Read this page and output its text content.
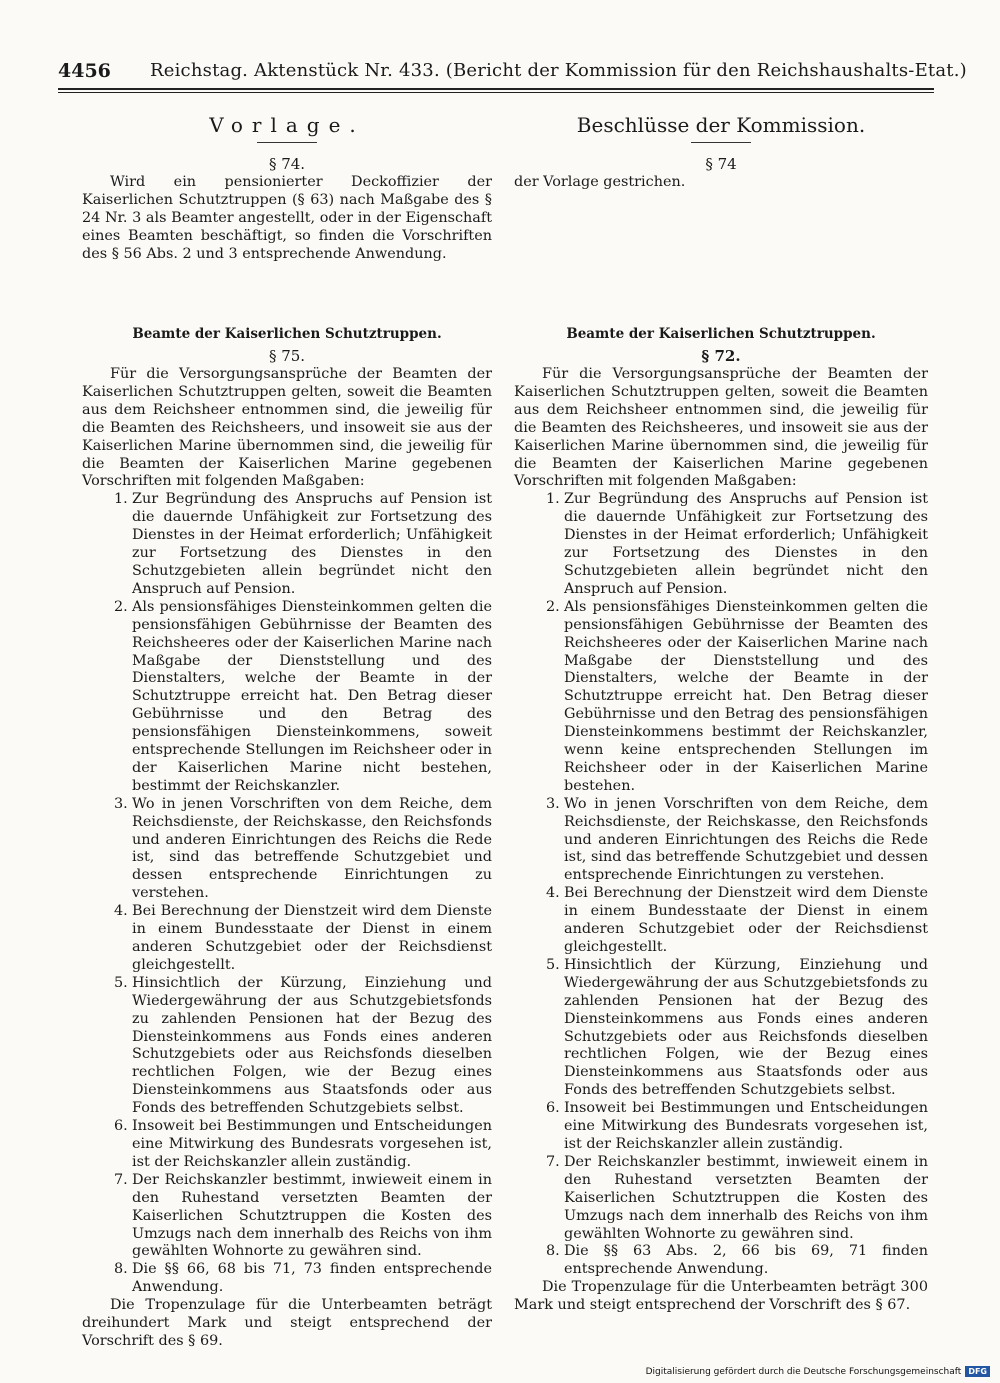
4456 Reichstag. Aktenstück Nr. 433. (Bericht der Kommission für den Reichshaushalts-Etat.)
Vorlage.

§ 74.

Wird ein pensionierter Deckoffizier der Kaiserlichen Schutztruppen (§ 63) nach Maßgabe des § 24 Nr. 3 als Beamter angestellt, oder in der Eigenschaft eines Beamten beschäftigt, so finden die Vorschriften des § 56 Abs. 2 und 3 entsprechende Anwendung.

Beamte der Kaiserlichen Schutztruppen.

§ 75.

Für die Versorgungsansprüche der Beamten der Kaiserlichen Schutztruppen gelten, soweit die Beamten aus dem Reichsheer entnommen sind, die jeweilig für die Beamten des Reichsheers, und insoweit sie aus der Kaiserlichen Marine übernommen sind, die jeweilig für die Beamten der Kaiserlichen Marine gegebenen Vorschriften mit folgenden Maßgaben:

1. Zur Begründung des Anspruchs auf Pension ist die dauernde Unfähigkeit zur Fortsetzung des Dienstes in der Heimat erforderlich; Unfähigkeit zur Fortsetzung des Dienstes in den Schutzgebieten allein begründet nicht den Anspruch auf Pension.
2. Als pensionsfähiges Diensteinkommen gelten die pensionsfähigen Gebührnisse der Beamten des Reichsheeres oder der Kaiserlichen Marine nach Maßgabe der Dienststellung und des Dienstalters, welche der Beamte in der Schutztruppe erreicht hat. Den Betrag dieser Gebührnisse und den Betrag des pensionsfähigen Diensteinkommens, soweit entsprechende Stellungen im Reichsheer oder in der Kaiserlichen Marine nicht bestehen, bestimmt der Reichskanzler.
3. Wo in jenen Vorschriften von dem Reiche, dem Reichsdienste, der Reichskasse, den Reichsfonds und anderen Einrichtungen des Reichs die Rede ist, sind das betreffende Schutzgebiet und dessen entsprechende Einrichtungen zu verstehen.
4. Bei Berechnung der Dienstzeit wird dem Dienste in einem Bundesstaate der Dienst in einem anderen Schutzgebiet oder der Reichsdienst gleichgestellt.
5. Hinsichtlich der Kürzung, Einziehung und Wiedergewährung der aus Schutzgebietsfonds zu zahlenden Pensionen hat der Bezug des Diensteinkommens aus Fonds eines anderen Schutzgebiets oder aus Reichsfonds dieselben rechtlichen Folgen, wie der Bezug eines Diensteinkommens aus Staatsfonds oder aus Fonds des betreffenden Schutzgebiets selbst.
6. Insoweit bei Bestimmungen und Entscheidungen eine Mitwirkung des Bundesrats vorgesehen ist, ist der Reichskanzler allein zuständig.
7. Der Reichskanzler bestimmt, inwieweit einem in den Ruhestand versetzten Beamten der Kaiserlichen Schutztruppen die Kosten des Umzugs nach dem innerhalb des Reichs von ihm gewählten Wohnorte zu gewähren sind.
8. Die §§ 66, 68 bis 71, 73 finden entsprechende Anwendung.

Die Tropenzulage für die Unterbeamten beträgt dreihundert Mark und steigt entsprechend der Vorschrift des § 69.

Beschlüsse der Kommission.

§ 74

der Vorlage gestrichen.

Beamte der Kaiserlichen Schutztruppen.

§ 72.

Für die Versorgungsansprüche der Beamten der Kaiserlichen Schutztruppen gelten, soweit die Beamten aus dem Reichsheer entnommen sind, die jeweilig für die Beamten des Reichsheeres, und insoweit sie aus der Kaiserlichen Marine übernommen sind, die jeweilig für die Beamten der Kaiserlichen Marine gegebenen Vorschriften mit folgenden Maßgaben:

1. Zur Begründung des Anspruchs auf Pension ist die dauernde Unfähigkeit zur Fortsetzung des Dienstes in der Heimat erforderlich; Unfähigkeit zur Fortsetzung des Dienstes in den Schutzgebieten allein begründet nicht den Anspruch auf Pension.
2. Als pensionsfähiges Diensteinkommen gelten die pensionsfähigen Gebührnisse der Beamten des Reichsheeres oder der Kaiserlichen Marine nach Maßgabe der Dienststellung und des Dienstalters, welche der Beamte in der Schutztruppe erreicht hat. Den Betrag dieser Gebührnisse und den Betrag des pensionsfähigen Diensteinkommens bestimmt der Reichskanzler, wenn keine entsprechenden Stellungen im Reichsheer oder in der Kaiserlichen Marine bestehen.
3. Wo in jenen Vorschriften von dem Reiche, dem Reichsdienste, der Reichskasse, den Reichsfonds und anderen Einrichtungen des Reichs die Rede ist, sind das betreffende Schutzgebiet und dessen entsprechende Einrichtungen zu verstehen.
4. Bei Berechnung der Dienstzeit wird dem Dienste in einem Bundesstaate der Dienst in einem anderen Schutzgebiet oder der Reichsdienst gleichgestellt.
5. Hinsichtlich der Kürzung, Einziehung und Wiedergewährung der aus Schutzgebietsfonds zu zahlenden Pensionen hat der Bezug des Diensteinkommens aus Fonds eines anderen Schutzgebiets oder aus Reichsfonds dieselben rechtlichen Folgen, wie der Bezug eines Diensteinkommens aus Staatsfonds oder aus Fonds des betreffenden Schutzgebiets selbst.
6. Insoweit bei Bestimmungen und Entscheidungen eine Mitwirkung des Bundesrats vorgesehen ist, ist der Reichskanzler allein zuständig.
7. Der Reichskanzler bestimmt, inwieweit einem in den Ruhestand versetzten Beamten der Kaiserlichen Schutztruppen die Kosten des Umzugs nach dem innerhalb des Reichs von ihm gewählten Wohnorte zu gewähren sind.
8. Die §§ 63 Abs. 2, 66 bis 69, 71 finden entsprechende Anwendung.

Die Tropenzulage für die Unterbeamten beträgt 300 Mark und steigt entsprechend der Vorschrift des § 67.

Digitalisierung gefördert durch die Deutsche Forschungsgemeinschaft DFG
